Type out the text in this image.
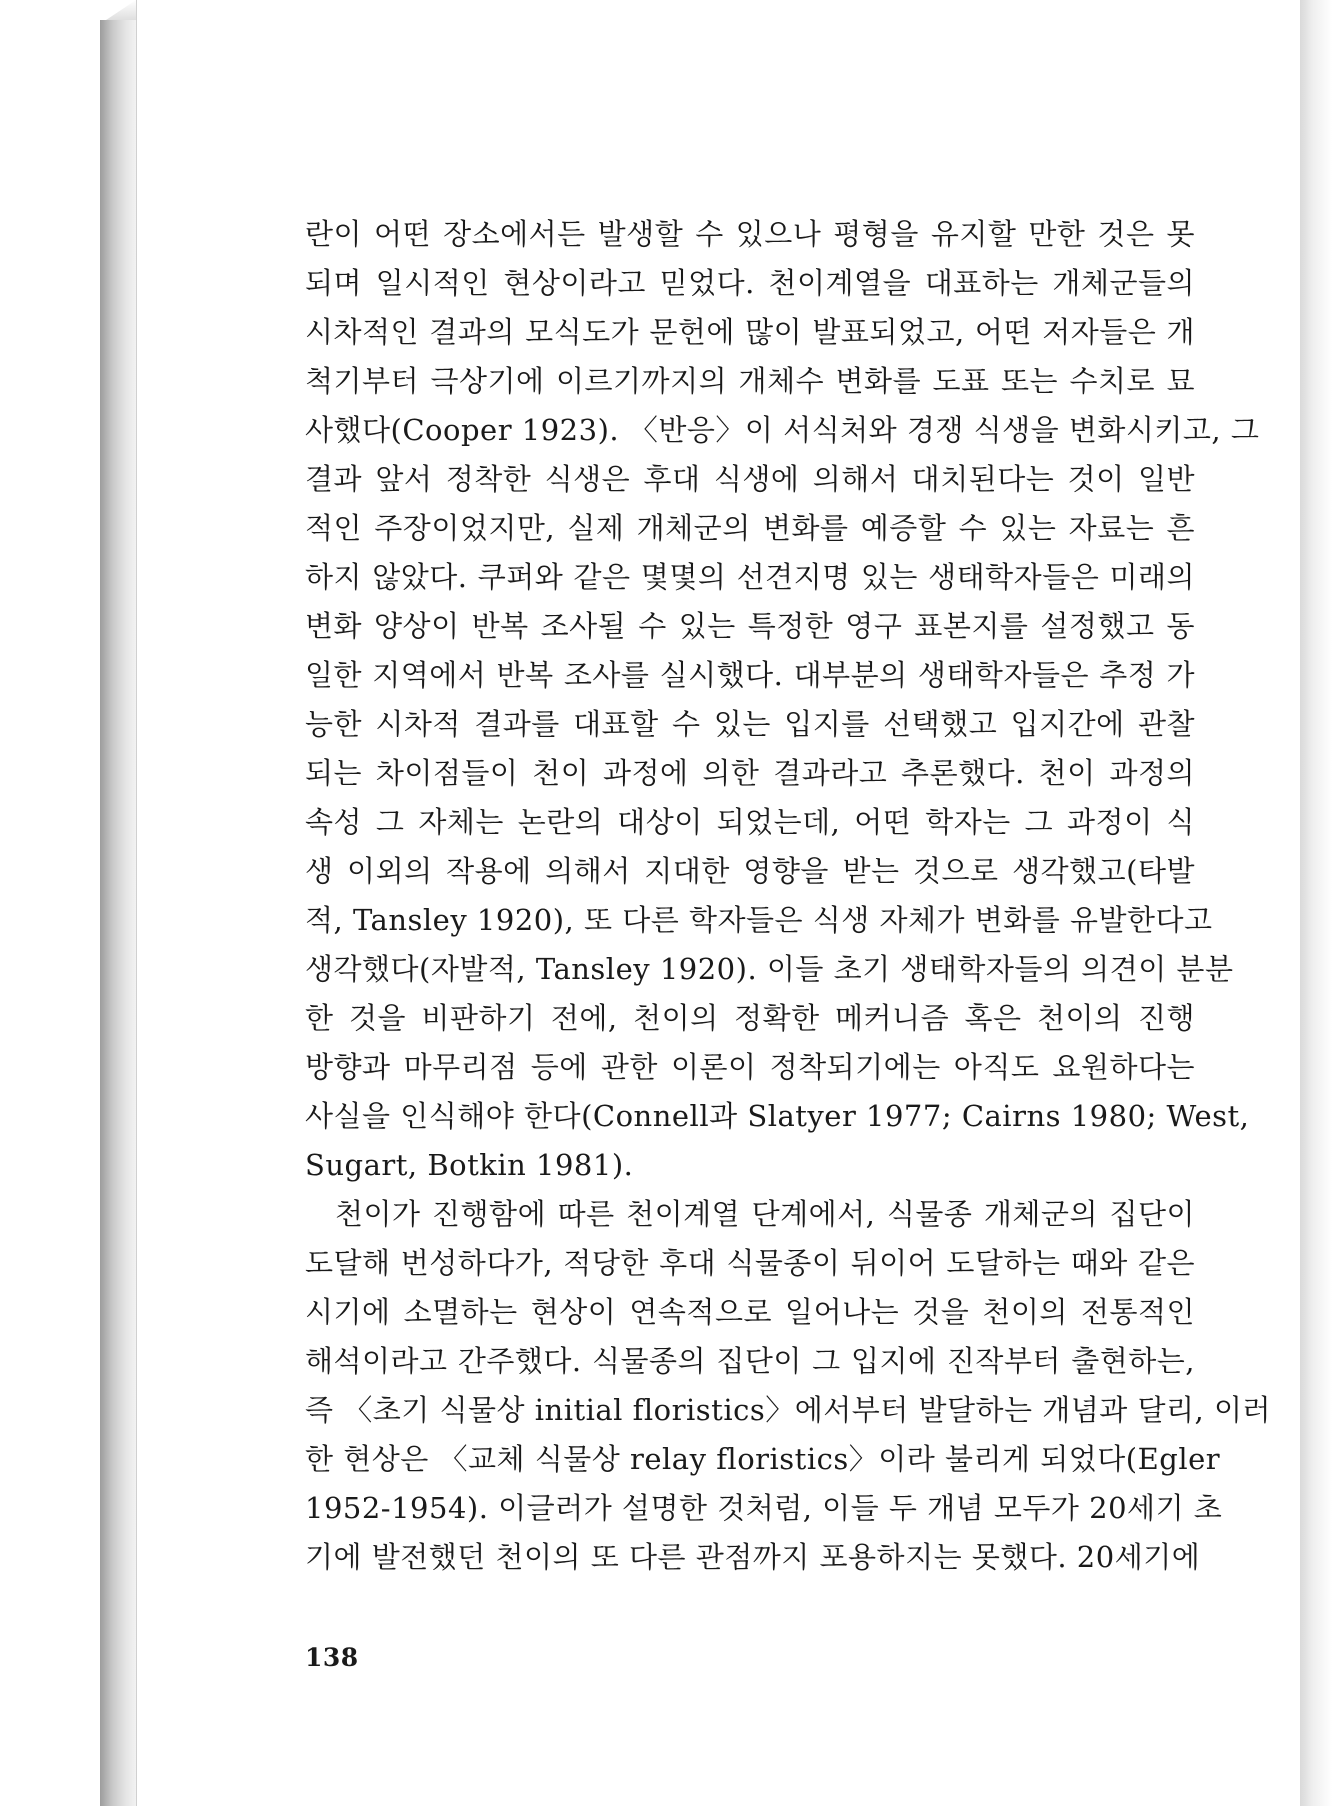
란이 어떤 장소에서든 발생할 수 있으나 평형을 유지할 만한 것은 못
되며 일시적인 현상이라고 믿었다. 천이계열을 대표하는 개체군들의
시차적인 결과의 모식도가 문헌에 많이 발표되었고, 어떤 저자들은 개
척기부터 극상기에 이르기까지의 개체수 변화를 도표 또는 수치로 묘
사했다(Cooper 1923). 〈반응〉이 서식처와 경쟁 식생을 변화시키고, 그
결과 앞서 정착한 식생은 후대 식생에 의해서 대치된다는 것이 일반
적인 주장이었지만, 실제 개체군의 변화를 예증할 수 있는 자료는 흔
하지 않았다. 쿠퍼와 같은 몇몇의 선견지명 있는 생태학자들은 미래의
변화 양상이 반복 조사될 수 있는 특정한 영구 표본지를 설정했고 동
일한 지역에서 반복 조사를 실시했다. 대부분의 생태학자들은 추정 가
능한 시차적 결과를 대표할 수 있는 입지를 선택했고 입지간에 관찰
되는 차이점들이 천이 과정에 의한 결과라고 추론했다. 천이 과정의
속성 그 자체는 논란의 대상이 되었는데, 어떤 학자는 그 과정이 식
생 이외의 작용에 의해서 지대한 영향을 받는 것으로 생각했고(타발
적, Tansley 1920), 또 다른 학자들은 식생 자체가 변화를 유발한다고
생각했다(자발적, Tansley 1920). 이들 초기 생태학자들의 의견이 분분
한 것을 비판하기 전에, 천이의 정확한 메커니즘 혹은 천이의 진행
방향과 마무리점 등에 관한 이론이 정착되기에는 아직도 요원하다는
사실을 인식해야 한다(Connell과 Slatyer 1977; Cairns 1980; West,
Sugart, Botkin 1981).
천이가 진행함에 따른 천이계열 단계에서, 식물종 개체군의 집단이
도달해 번성하다가, 적당한 후대 식물종이 뒤이어 도달하는 때와 같은
시기에 소멸하는 현상이 연속적으로 일어나는 것을 천이의 전통적인
해석이라고 간주했다. 식물종의 집단이 그 입지에 진작부터 출현하는,
즉 〈초기 식물상 initial floristics〉에서부터 발달하는 개념과 달리, 이러
한 현상은 〈교체 식물상 relay floristics〉이라 불리게 되었다(Egler
1952-1954). 이글러가 설명한 것처럼, 이들 두 개념 모두가 20세기 초
기에 발전했던 천이의 또 다른 관점까지 포용하지는 못했다. 20세기에
138
